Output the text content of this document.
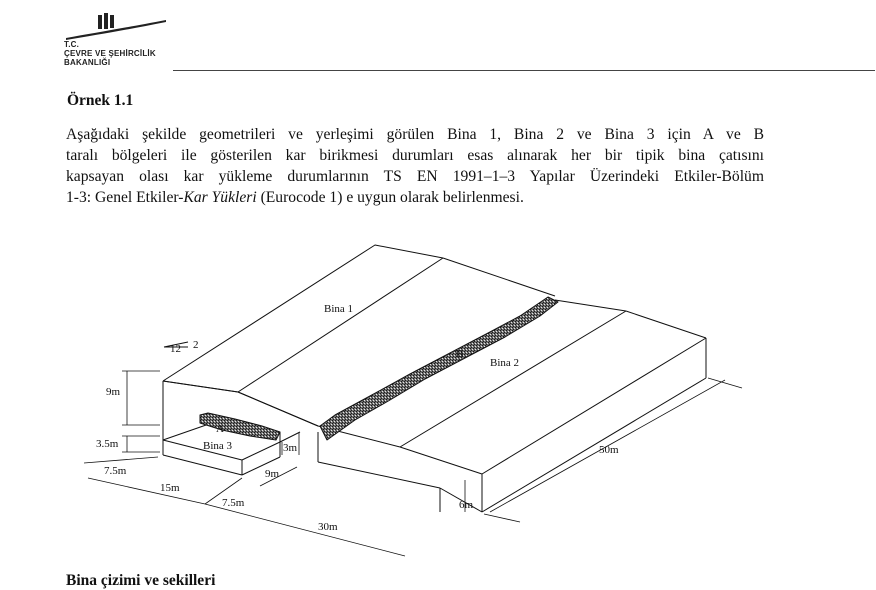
T.C.
ÇEVRE VE ŞEHİRCİLİK
BAKANLIĞI
Örnek 1.1

Aşağıdaki şekilde geometrileri ve yerleşimi görülen Bina 1, Bina 2 ve Bina 3 için A ve B
taralı bölgeleri ile gösterilen kar birikmesi durumları esas alınarak her bir tipik bina çatısını
kapsayan olası kar yükleme durumlarının TS EN 1991–1–3 Yapılar Üzerindeki Etkiler-Bölüm
1-3: Genel Etkiler-Kar Yükleri (Eurocode 1) e uygun olarak belirlenmesi.

Bina 1
Bina 2
Bina 3
A
B
12 2
9m
3.5m	3m
7.5m
15m
9m
7.5m
30m
50m
6m
Bina çizimi ve sekilleri
